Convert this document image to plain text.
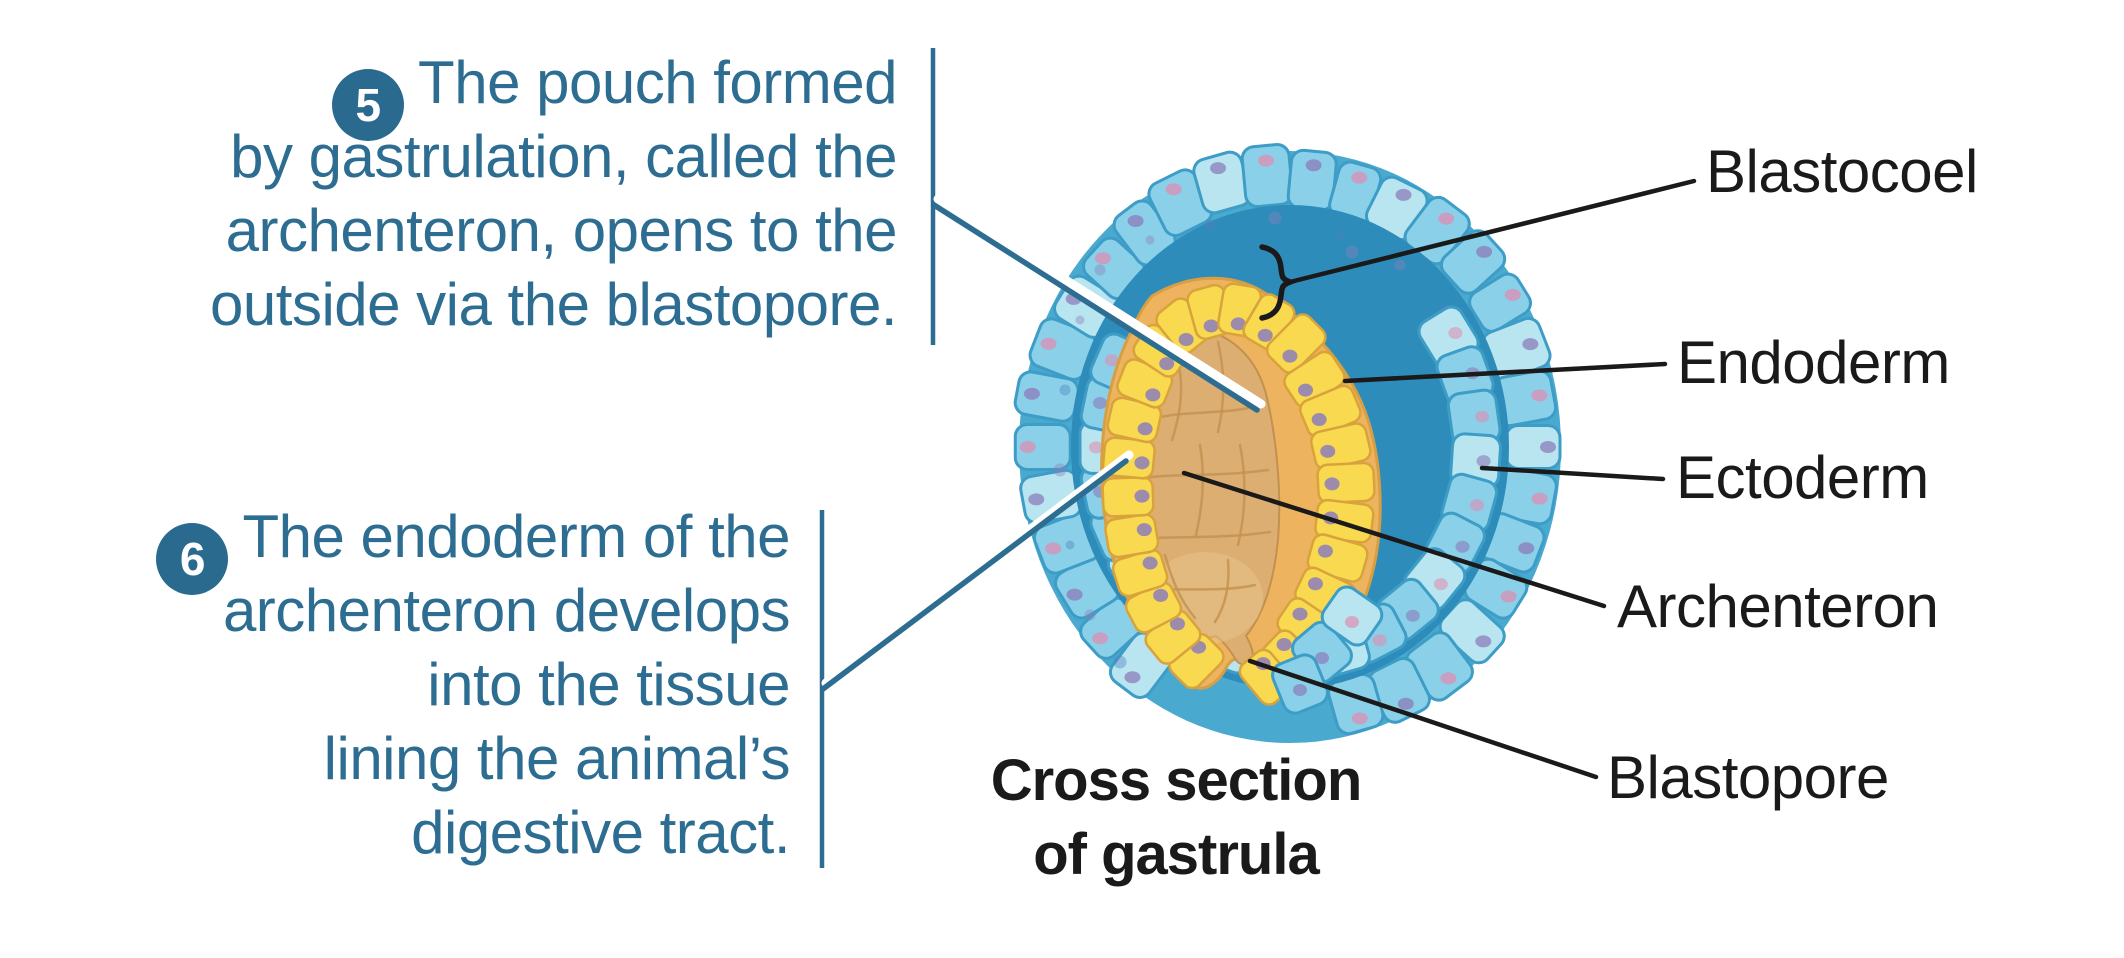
5 The pouch formed
by gastrulation, called the
archenteron, opens to the
outside via the blastopore.
6 The endoderm of the
archenteron develops
into the tissue
lining the animal’s
digestive tract.
Blastocoel
Endoderm
Ectoderm
Archenteron
Blastopore
Cross section
of gastrula
